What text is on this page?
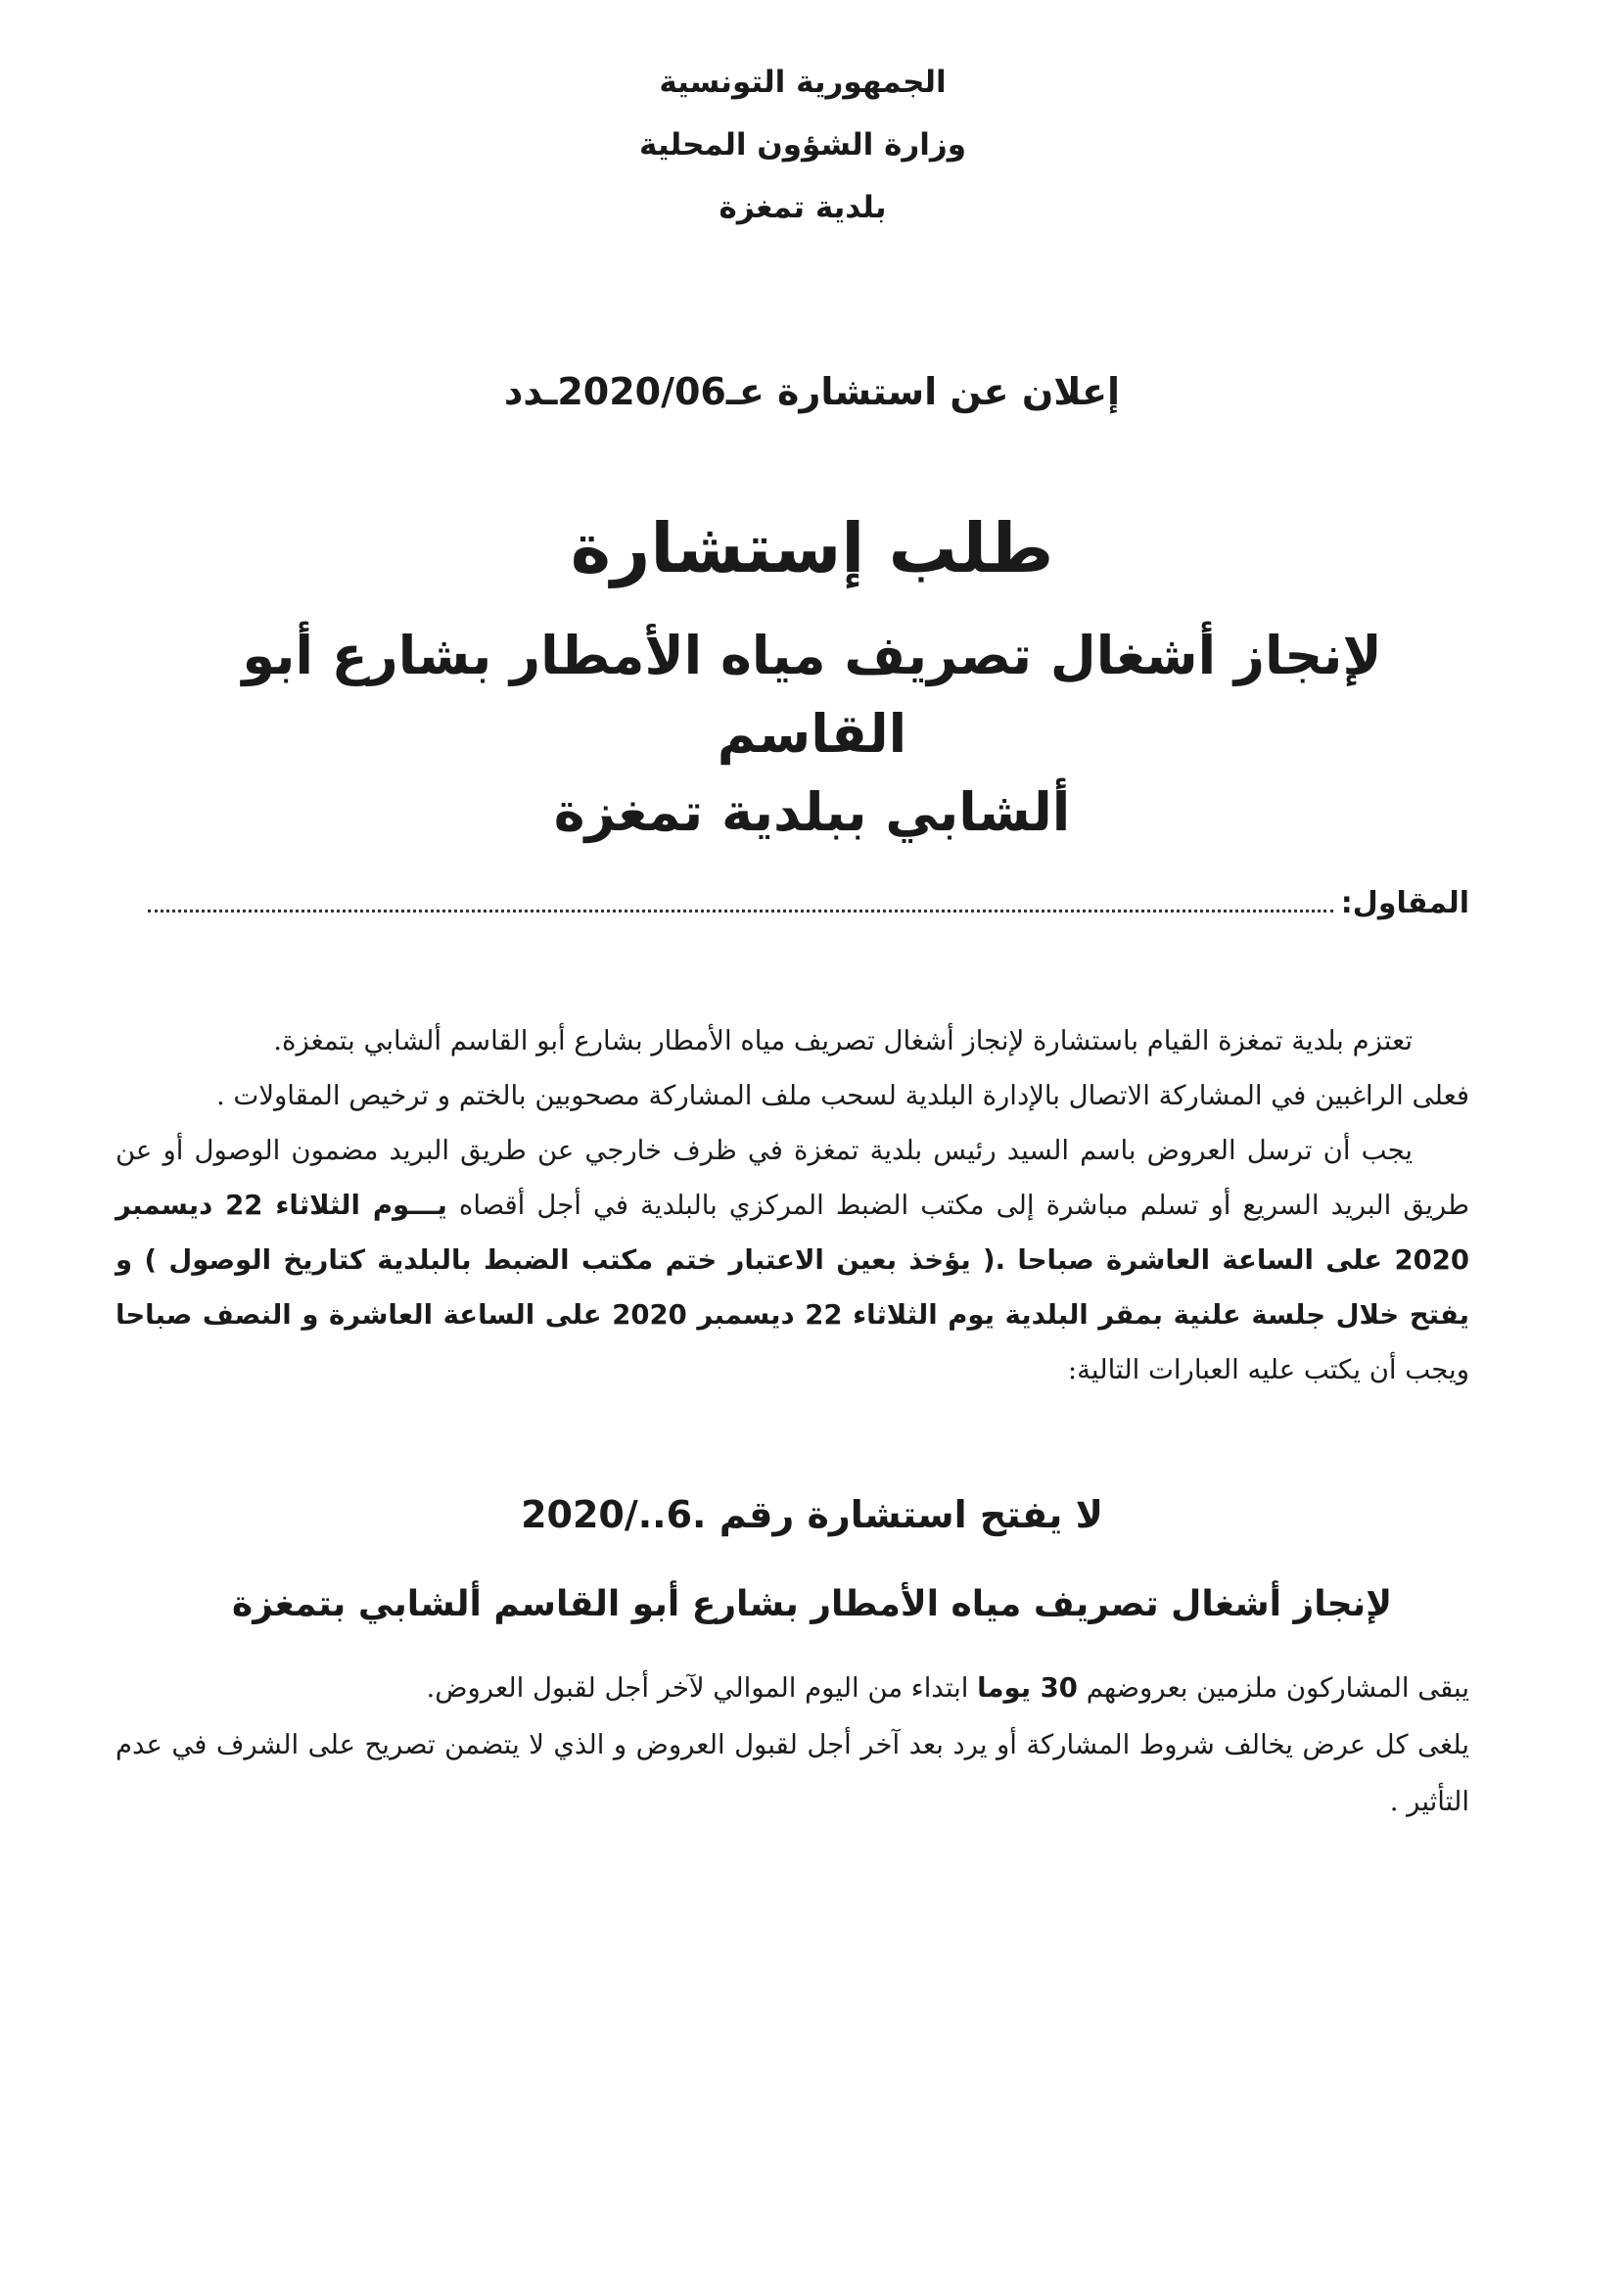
الجمهورية التونسية
وزارة الشؤون المحلية
بلدية تمغزة
إعلان عن استشارة عـ2020/06ـدد
طلب إستشارة
لإنجاز أشغال تصريف مياه الأمطار بشارع أبو القاسم
ألشابي ببلدية تمغزة
المقاول:

تعتزم بلدية تمغزة القيام باستشارة لإنجاز أشغال تصريف مياه الأمطار بشارع أبو القاسم ألشابي بتمغزة.

فعلى الراغبين في المشاركة الاتصال بالإدارة البلدية لسحب ملف المشاركة مصحوبين بالختم و ترخيص المقاولات .

يجب أن ترسل العروض باسم السيد رئيس بلدية تمغزة في ظرف خارجي عن طريق البريد مضمون الوصول أو عن طريق البريد السريع أو تسلم مباشرة إلى مكتب الضبط المركزي بالبلدية في أجل أقصاه يـــوم الثلاثاء 22 ديسمبر 2020 على الساعة العاشرة صباحا .( يؤخذ بعين الاعتبار ختم مكتب الضبط بالبلدية كتاريخ الوصول ) و يفتح خلال جلسة علنية بمقر البلدية يوم الثلاثاء 22 ديسمبر 2020 على الساعة العاشرة و النصف صباحا ويجب أن يكتب عليه العبارات التالية:

لا يفتح استشارة رقم .6../2020
لإنجاز أشغال تصريف مياه الأمطار بشارع أبو القاسم ألشابي بتمغزة

يبقى المشاركون ملزمين بعروضهم 30 يوما ابتداء من اليوم الموالي لآخر أجل لقبول العروض.

يلغى كل عرض يخالف شروط المشاركة أو يرد بعد آخر أجل لقبول العروض و الذي لا يتضمن تصريح على الشرف في عدم التأثير .
